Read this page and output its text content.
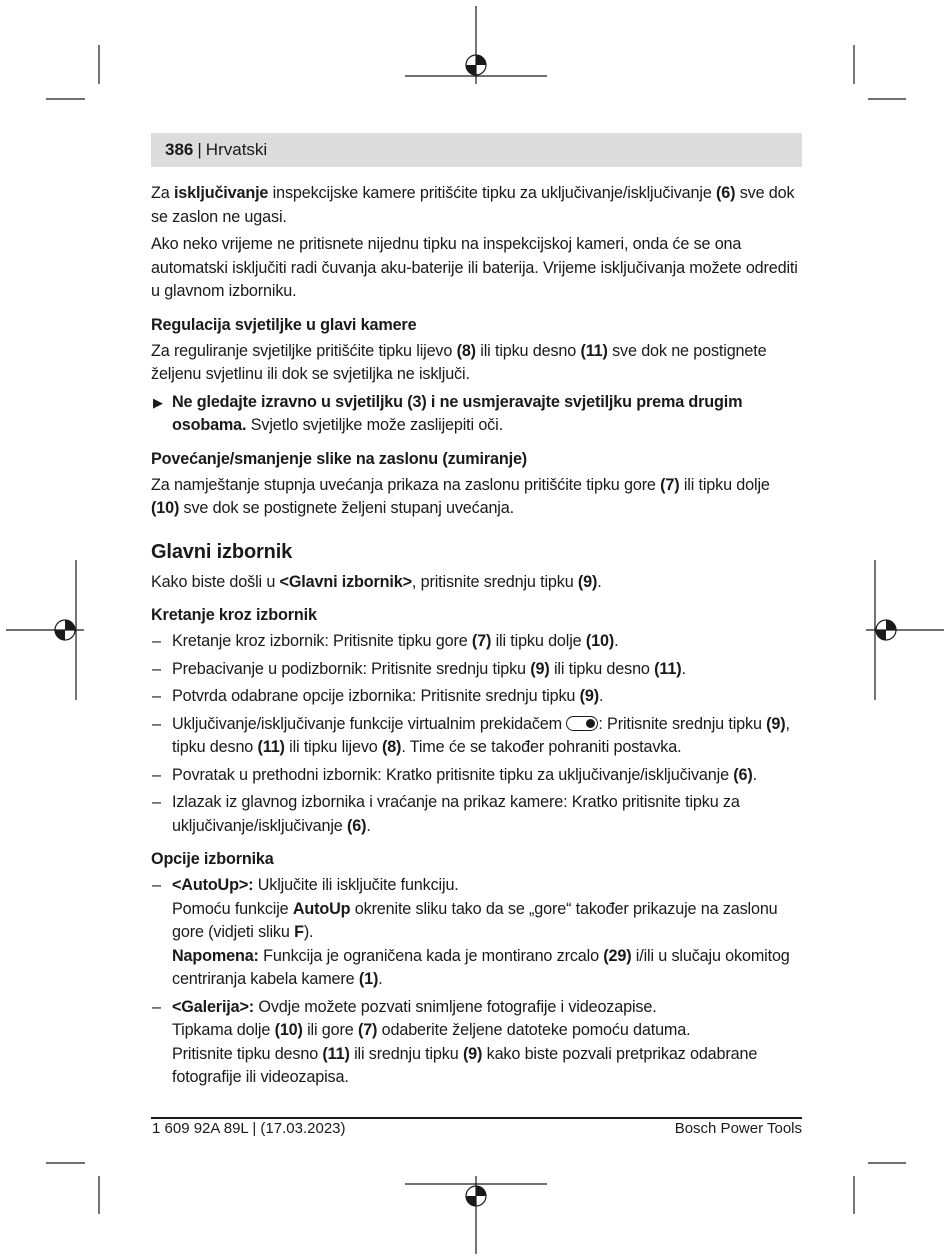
386 | Hrvatski

Za isključivanje inspekcijske kamere pritišćite tipku za uključivanje/isključivanje (6) sve dok se zaslon ne ugasi.

Ako neko vrijeme ne pritisnete nijednu tipku na inspekcijskoj kameri, onda će se ona automatski isključiti radi čuvanja aku-baterije ili baterija. Vrijeme isključivanja možete odrediti u glavnom izborniku.

Regulacija svjetiljke u glavi kamere

Za reguliranje svjetiljke pritišćite tipku lijevo (8) ili tipku desno (11) sve dok ne postignete željenu svjetlinu ili dok se svjetiljka ne isključi.

▶ Ne gledajte izravno u svjetiljku (3) i ne usmjeravajte svjetiljku prema drugim osobama. Svjetlo svjetiljke može zaslijepiti oči.
Povećanje/smanjenje slike na zaslonu (zumiranje)

Za namještanje stupnja uvećanja prikaza na zaslonu pritišćite tipku gore (7) ili tipku dolje (10) sve dok se postignete željeni stupanj uvećanja.

Glavni izbornik

Kako biste došli u <Glavni izbornik>, pritisnite srednju tipku (9).

Kretanje kroz izbornik
– Kretanje kroz izbornik: Pritisnite tipku gore (7) ili tipku dolje (10).
– Prebacivanje u podizbornik: Pritisnite srednju tipku (9) ili tipku desno (11).
– Potvrda odabrane opcije izbornika: Pritisnite srednju tipku (9).
– Uključivanje/isključivanje funkcije virtualnim prekidačem
: Pritisnite srednju tipku (9), tipku desno (11) ili tipku lijevo (8). Time će se također pohraniti postavka.
– Povratak u prethodni izbornik: Kratko pritisnite tipku za uključivanje/isključivanje (6).
– Izlazak iz glavnog izbornika i vraćanje na prikaz kamere: Kratko pritisnite tipku za uključivanje/isključivanje (6).
Opcije izbornika
– <AutoUp>: Uključite ili isključite funkciju.
Pomoću funkcije AutoUp okrenite sliku tako da se „gore“ također prikazuje na zaslonu gore (vidjeti sliku F).
Napomena: Funkcija je ograničena kada je montirano zrcalo (29) i/ili u slučaju okomitog centriranja kabela kamere (1).
– <Galerija>: Ovdje možete pozvati snimljene fotografije i videozapise.
Tipkama dolje (10) ili gore (7) odaberite željene datoteke pomoću datuma.
Pritisnite tipku desno (11) ili srednju tipku (9) kako biste pozvali pretprikaz odabrane fotografije ili videozapisa.
1 609 92A 89L | (17.03.2023)	Bosch Power Tools
